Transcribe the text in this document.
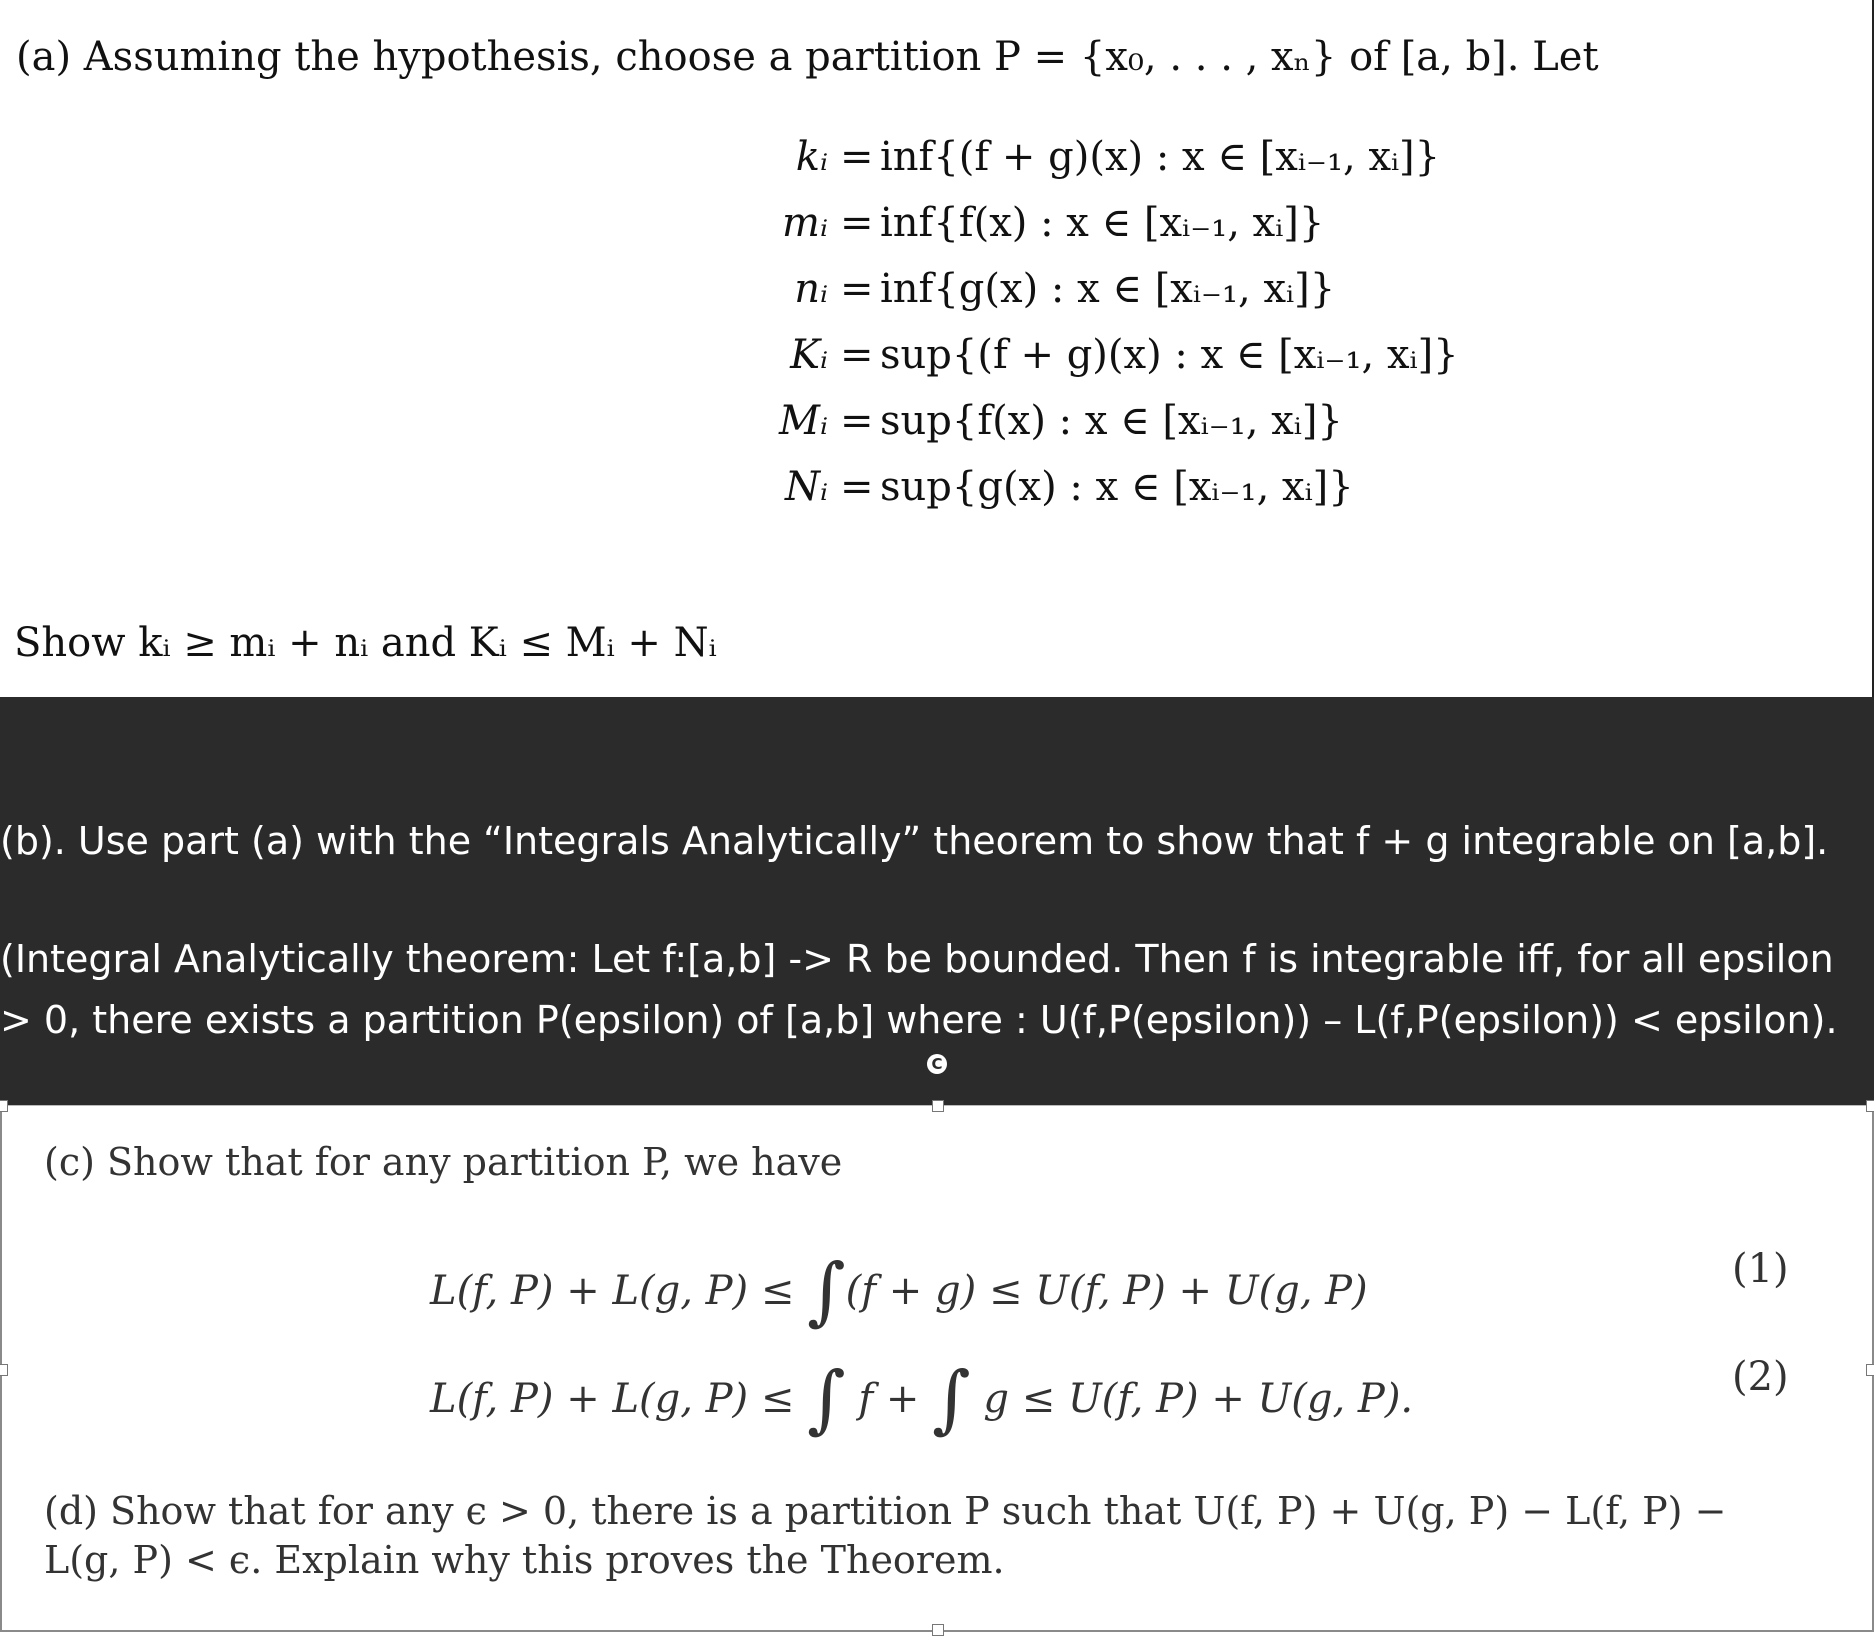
(a) Assuming the hypothesis, choose a partition P = {x₀, . . . , xₙ} of [a, b]. Let
kᵢ = inf{(f + g)(x) : x ∈ [xᵢ₋₁, xᵢ]}
mᵢ = inf{f(x) : x ∈ [xᵢ₋₁, xᵢ]}
nᵢ = inf{g(x) : x ∈ [xᵢ₋₁, xᵢ]}
Kᵢ = sup{(f + g)(x) : x ∈ [xᵢ₋₁, xᵢ]}
Mᵢ = sup{f(x) : x ∈ [xᵢ₋₁, xᵢ]}
Nᵢ = sup{g(x) : x ∈ [xᵢ₋₁, xᵢ]}
Show kᵢ ≥ mᵢ + nᵢ and Kᵢ ≤ Mᵢ + Nᵢ
(b). Use part (a) with the “Integrals Analytically” theorem to show that f + g integrable on [a,b].
(Integral Analytically theorem: Let f:[a,b] -> R be bounded. Then f is integrable iff, for all epsilon
> 0, there exists a partition P(epsilon) of [a,b] where : U(f,P(epsilon)) – L(f,P(epsilon)) < epsilon).
C
(c) Show that for any partition P, we have
L(f, P) + L(g, P) ≤ ∫(f + g) ≤ U(f, P) + U(g, P)	(1)
L(f, P) + L(g, P) ≤ ∫ f + ∫ g ≤ U(f, P) + U(g, P).	(2)
(d) Show that for any ϵ > 0, there is a partition P such that U(f, P) + U(g, P) − L(f, P) −
L(g, P) < ϵ. Explain why this proves the Theorem.
